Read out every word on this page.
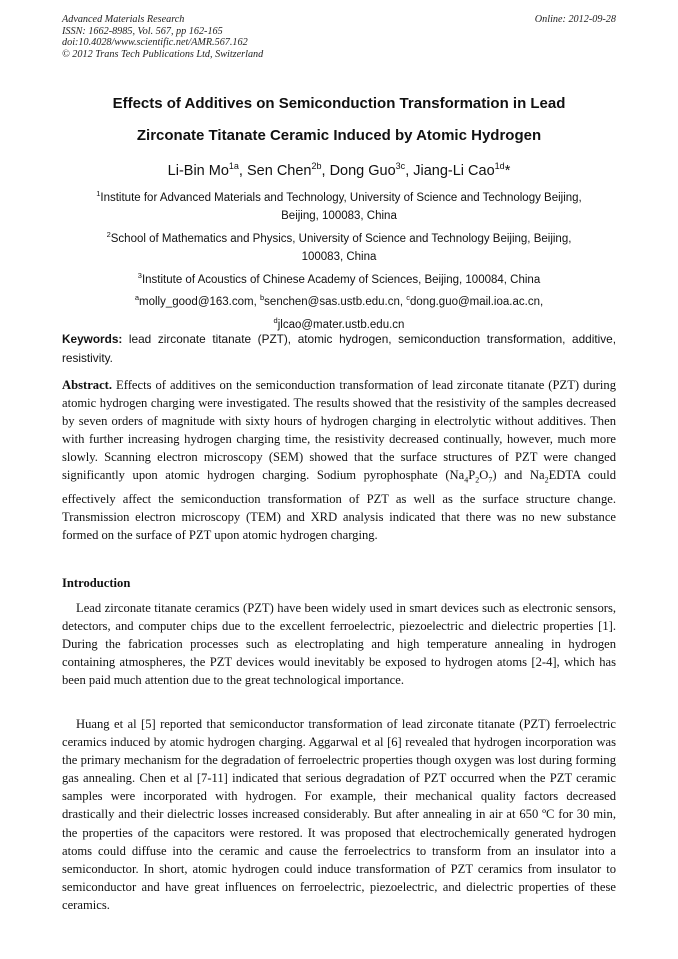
Advanced Materials Research
ISSN: 1662-8985, Vol. 567, pp 162-165
doi:10.4028/www.scientific.net/AMR.567.162
© 2012 Trans Tech Publications Ltd, Switzerland
Online: 2012-09-28
Effects of Additives on Semiconduction Transformation in Lead
Zirconate Titanate Ceramic Induced by Atomic Hydrogen
Li-Bin $Mo^{1a}$, Sen Chen$^{2b}$, Dong Guo$^{3c}$, Jiang-Li Cao$^{1d}$*
$^1$Institute for Advanced Materials and Technology, University of Science and Technology Beijing,
Beijing, 100083, China
$^2$School of Mathematics and Physics, University of Science and Technology Beijing, Beijing,
100083, China
$^3$Institute of Acoustics of Chinese Academy of Sciences, Beijing, 100084, China
$^a$molly_good@163.com, $^b$senchen@sas.ustb.edu.cn, $^c$dong.guo@mail.ioa.ac.cn,
$^d$jlcao@mater.ustb.edu.cn
Keywords: lead zirconate titanate (PZT), atomic hydrogen, semiconduction transformation, additive, resistivity.
Abstract. Effects of additives on the semiconduction transformation of lead zirconate titanate (PZT) during atomic hydrogen charging were investigated. The results showed that the resistivity of the samples decreased by seven orders of magnitude with sixty hours of hydrogen charging in electrolytic without additives. Then with further increasing hydrogen charging time, the resistivity decreased continually, however, much more slowly. Scanning electron microscopy (SEM) showed that the surface structures of PZT were changed significantly upon atomic hydrogen charging. Sodium pyrophosphate $(Na_4P_2O_7)$ and $Na_2EDTA$ could effectively affect the semiconduction transformation of PZT as well as the surface structure change. Transmission electron microscopy (TEM) and XRD analysis indicated that there was no new substance formed on the surface of PZT upon atomic hydrogen charging.
Introduction
Lead zirconate titanate ceramics (PZT) have been widely used in smart devices such as electronic sensors, detectors, and computer chips due to the excellent ferroelectric, piezoelectric and dielectric properties [1]. During the fabrication processes such as electroplating and high temperature annealing in hydrogen containing atmospheres, the PZT devices would inevitably be exposed to hydrogen atoms [2-4], which has been paid much attention due to the great technological importance.
Huang et al [5] reported that semiconductor transformation of lead zirconate titanate (PZT) ferroelectric ceramics induced by atomic hydrogen charging. Aggarwal et al [6] revealed that hydrogen incorporation was the primary mechanism for the degradation of ferroelectric properties though oxygen was lost during forming gas annealing. Chen et al [7-11] indicated that serious degradation of PZT occurred when the PZT ceramic samples were incorporated with hydrogen. For example, their mechanical quality factors decreased drastically and their dielectric losses increased considerably. But after annealing in air at 650 ºC for 30 min, the properties of the capacitors were restored. It was proposed that electrochemically generated hydrogen atoms could diffuse into the ceramic and cause the ferroelectrics to transform from an insulator into a semiconductor. In short, atomic hydrogen could induce transformation of PZT ceramics from insulator to semiconductor and have great influences on ferroelectric, piezoelectric, and dielectric properties of these ceramics.
